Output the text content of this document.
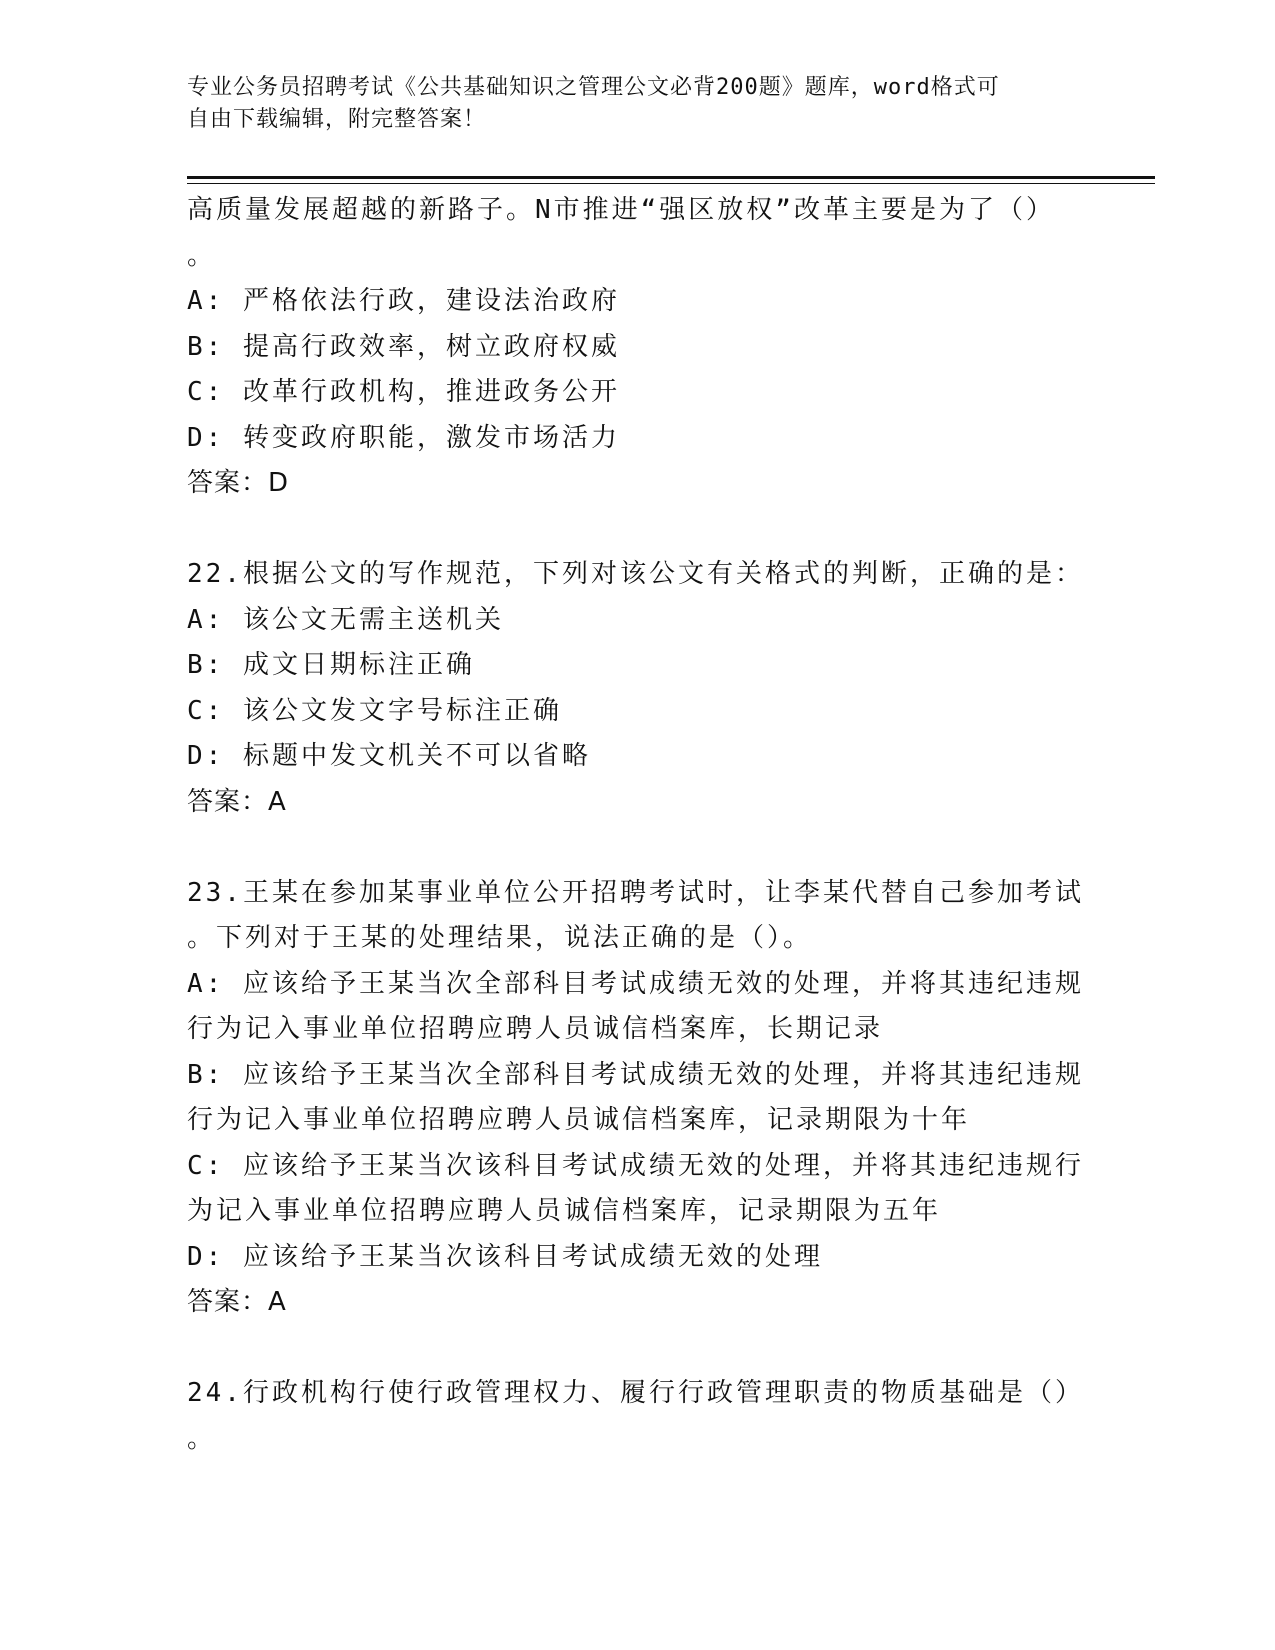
专业公务员招聘考试《公共基础知识之管理公文必背200题》题库，word格式可
自由下载编辑，附完整答案！
高质量发展超越的新路子。N市推进“强区放权”改革主要是为了（）
。
A: 严格依法行政，建设法治政府
B: 提高行政效率，树立政府权威
C: 改革行政机构，推进政务公开
D: 转变政府职能，激发市场活力
答案：D
22.根据公文的写作规范，下列对该公文有关格式的判断，正确的是：
A: 该公文无需主送机关
B: 成文日期标注正确
C: 该公文发文字号标注正确
D: 标题中发文机关不可以省略
答案：A
23.王某在参加某事业单位公开招聘考试时，让李某代替自己参加考试
。下列对于王某的处理结果，说法正确的是（）。
A: 应该给予王某当次全部科目考试成绩无效的处理，并将其违纪违规
行为记入事业单位招聘应聘人员诚信档案库，长期记录
B: 应该给予王某当次全部科目考试成绩无效的处理，并将其违纪违规
行为记入事业单位招聘应聘人员诚信档案库，记录期限为十年
C: 应该给予王某当次该科目考试成绩无效的处理，并将其违纪违规行
为记入事业单位招聘应聘人员诚信档案库，记录期限为五年
D: 应该给予王某当次该科目考试成绩无效的处理
答案：A
24.行政机构行使行政管理权力、履行行政管理职责的物质基础是（）
。
